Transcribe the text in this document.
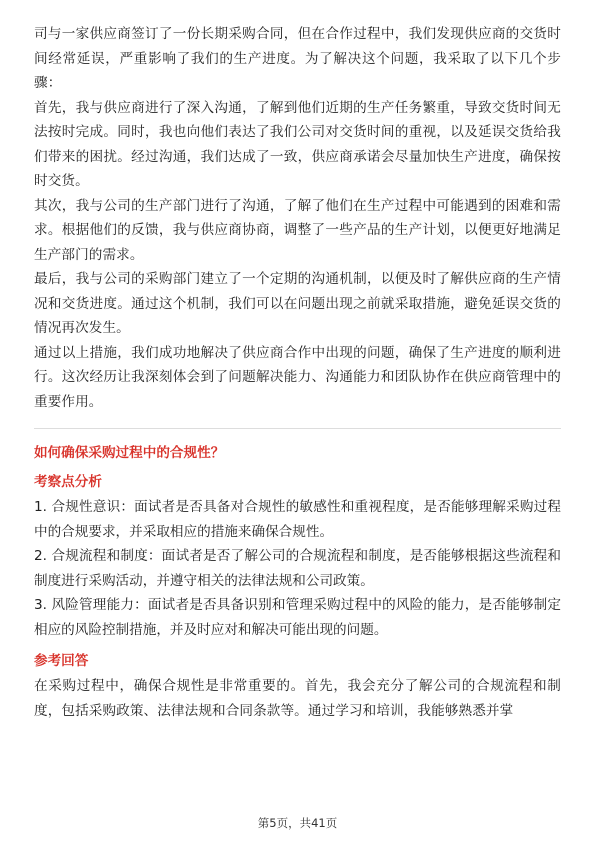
司与一家供应商签订了一份长期采购合同，但在合作过程中，我们发现供应商的交货时间经常延误，严重影响了我们的生产进度。为了解决这个问题，我采取了以下几个步骤：

首先，我与供应商进行了深入沟通，了解到他们近期的生产任务繁重，导致交货时间无法按时完成。同时，我也向他们表达了我们公司对交货时间的重视，以及延误交货给我们带来的困扰。经过沟通，我们达成了一致，供应商承诺会尽量加快生产进度，确保按时交货。

其次，我与公司的生产部门进行了沟通，了解了他们在生产过程中可能遇到的困难和需求。根据他们的反馈，我与供应商协商，调整了一些产品的生产计划，以便更好地满足生产部门的需求。

最后，我与公司的采购部门建立了一个定期的沟通机制，以便及时了解供应商的生产情况和交货进度。通过这个机制，我们可以在问题出现之前就采取措施，避免延误交货的情况再次发生。

通过以上措施，我们成功地解决了供应商合作中出现的问题，确保了生产进度的顺利进行。这次经历让我深刻体会到了问题解决能力、沟通能力和团队协作在供应商管理中的重要作用。

如何确保采购过程中的合规性？
考察点分析

1. 合规性意识：面试者是否具备对合规性的敏感性和重视程度，是否能够理解采购过程中的合规要求，并采取相应的措施来确保合规性。

2. 合规流程和制度：面试者是否了解公司的合规流程和制度，是否能够根据这些流程和制度进行采购活动，并遵守相关的法律法规和公司政策。

3. 风险管理能力：面试者是否具备识别和管理采购过程中的风险的能力，是否能够制定相应的风险控制措施，并及时应对和解决可能出现的问题。

参考回答

在采购过程中，确保合规性是非常重要的。首先，我会充分了解公司的合规流程和制度，包括采购政策、法律法规和合同条款等。通过学习和培训，我能够熟悉并掌

第5页，共41页
